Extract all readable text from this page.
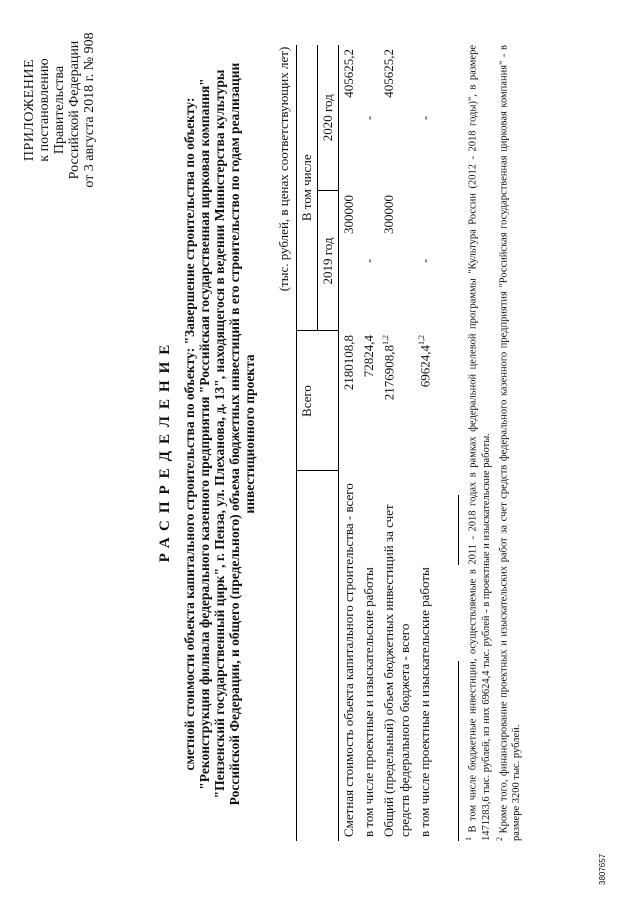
ПРИЛОЖЕНИЕ к постановлению Правительства Российской Федерации от 3 августа 2018 г. № 908
РАСПРЕДЕЛЕНИЕ сметной стоимости объекта капитального строительства по объекту: "Завершение строительства по объекту: "Реконструкция филиала федерального казенного предприятия "Российская государственная цирковая компания" "Пензенский государственный цирк", г. Пенза, ул. Плеханова, д. 13", находящегося в ведении Министерства культуры Российской Федерации, и общего (предельного) объема бюджетных инвестиций в его строительство по годам реализации инвестиционного проекта
(тыс. рублей, в ценах соответствующих лет)
	Всего	В том числе	
		2019 год	2020 год
Сметная стоимость объекта капитального строительства - всего	2180108,8	300000	405625,2
в том числе проектные и изыскательские работы	72824,4	-	-
Общий (предельный) объем бюджетных инвестиций за счет средств федерального бюджета - всего	2176908,8$^{1,2}$	300000	405625,2
в том числе проектные и изыскательские работы	69624,4$^{1,2}$	-	-
$^1$ В том числе бюджетные инвестиции, осуществляемые в 2011 - 2018 годах в рамках федеральной целевой программы "Культура России (2012 - 2018 годы)", в размере 1471283,6 тыс. рублей, из них 69624,4 тыс. рублей - в проектные и изыскательские работы. $^2$ Кроме того, финансирование проектных и изыскательских работ за счет средств федерального казенного предприятия "Российская государственная цирковая компания" - в размере 3200 тыс. рублей.
3807657
